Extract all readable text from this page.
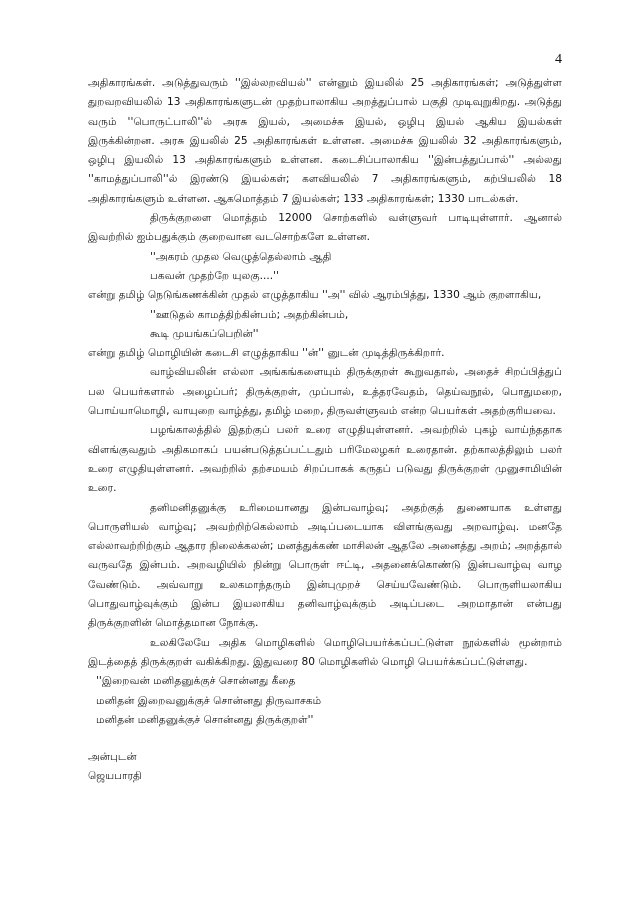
4

அதிகாரங்கள். அடுத்துவரும் ''இல்லறவியல்'' என்னும் இயலில் 25 அதிகாரங்கள்; அடுத்துள்ள துறவறவியலில் 13 அதிகாரங்களுடன் முதற்பாலாகிய அறத்துப்பால் பகுதி முடிவுறுகிறது. அடுத்து வரும் ''பொருட்பாலி''ல் அரசு இயல், அமைச்சு இயல், ஒழிபு இயல் ஆகிய இயல்கள் இருக்கின்றன. அரசு இயலில் 25 அதிகாரங்கள் உள்ளன. அமைச்சு இயலில் 32 அதிகாரங்களும், ஒழிபு இயலில் 13 அதிகாரங்களும் உள்ளன. கடைசிப்பாலாகிய ''இன்பத்துப்பால்'' அல்லது ''காமத்துப்பாலி''ல் இரண்டு இயல்கள்; களவியலில் 7 அதிகாரங்களும், கற்பியலில் 18 அதிகாரங்களும் உள்ளன. ஆகமொத்தம் 7 இயல்கள்; 133 அதிகாரங்கள்; 1330 பாடல்கள்.

திருக்குறளை மொத்தம் 12000 சொற்களில் வள்ளுவர் பாடியுள்ளார். ஆனால் இவற்றில் ஐம்பதுக்கும் குறைவான வடசொற்களே உள்ளன.

''அகரம் முதல வெழுத்தெல்லாம் ஆதி
பகவன் முதற்றே யுலகு....''

என்று தமிழ் நெடுங்கணக்கின் முதல் எழுத்தாகிய ''அ'' வில் ஆரம்பித்து, 1330 ஆம் குறளாகிய,

''ஊடுதல் காமத்திற்கின்பம்; அதற்கின்பம்,
கூடி முயங்கப்பெறின்''

என்று தமிழ் மொழியின் கடைசி எழுத்தாகிய ''ன்'' னுடன் முடித்திருக்கிறார்.

வாழ்வியலின் எல்லா அங்கங்களையும் திருக்குறள் கூறுவதால், அதைச் சிறப்பித்துப் பல பெயர்களால் அழைப்பர்; திருக்குறள், முப்பால், உத்தரவேதம், தெய்வநூல், பொதுமறை, பொய்யாமொழி, வாயுறை வாழ்த்து, தமிழ் மறை, திருவள்ளுவம் என்ற பெயர்கள் அதற்குரியவை.

பழங்காலத்தில் இதற்குப் பலர் உரை எழுதியுள்ளனர். அவற்றில் புகழ் வாய்ந்ததாக விளங்குவதும் அதிகமாகப் பயன்படுத்தப்பட்டதும் பரிமேலழகர் உரைதான். தற்காலத்திலும் பலர் உரை எழுதியுள்ளனர். அவற்றில் தற்சமயம் சிறப்பாகக் கருதப் படுவது திருக்குறள் முனுசாமியின் உரை.

தனிமனிதனுக்கு உரிமையானது இன்பவாழ்வு; அதற்குத் துணையாக உள்ளது பொருளியல் வாழ்வு; அவற்றிற்கெல்லாம் அடிப்படையாக விளங்குவது அறவாழ்வு. மனதே எல்லாவற்றிற்கும் ஆதார நிலைக்கலன்; மனத்துக்கண் மாசிலன் ஆதலே அனைத்து அறம்; அறத்தால் வருவதே இன்பம். அறவழியில் நின்று பொருள் ஈட்டி, அதனைக்கொண்டு இன்பவாழ்வு வாழ வேண்டும். அவ்வாறு உலகமாந்தரும் இன்புமுறச் செய்யவேண்டும். பொருளியலாகிய பொதுவாழ்வுக்கும் இன்ப இயலாகிய தனிவாழ்வுக்கும் அடிப்படை அறமாதான் என்பது திருக்குறளின் மொத்தமான நோக்கு.

உலகிலேயே அதிக மொழிகளில் மொழிபெயர்க்கப்பட்டுள்ள நூல்களில் மூன்றாம் இடத்தைத் திருக்குறள் வகிக்கிறது. இதுவரை 80 மொழிகளில் மொழி பெயர்க்கப்பட்டுள்ளது.

''இறைவன் மனிதனுக்குச் சொன்னது கீதை
மனிதன் இறைவனுக்குச் சொன்னது திருவாசகம்
மனிதன் மனிதனுக்குச் சொன்னது திருக்குறள்''
அன்புடன்
ஜெயபாரதி
